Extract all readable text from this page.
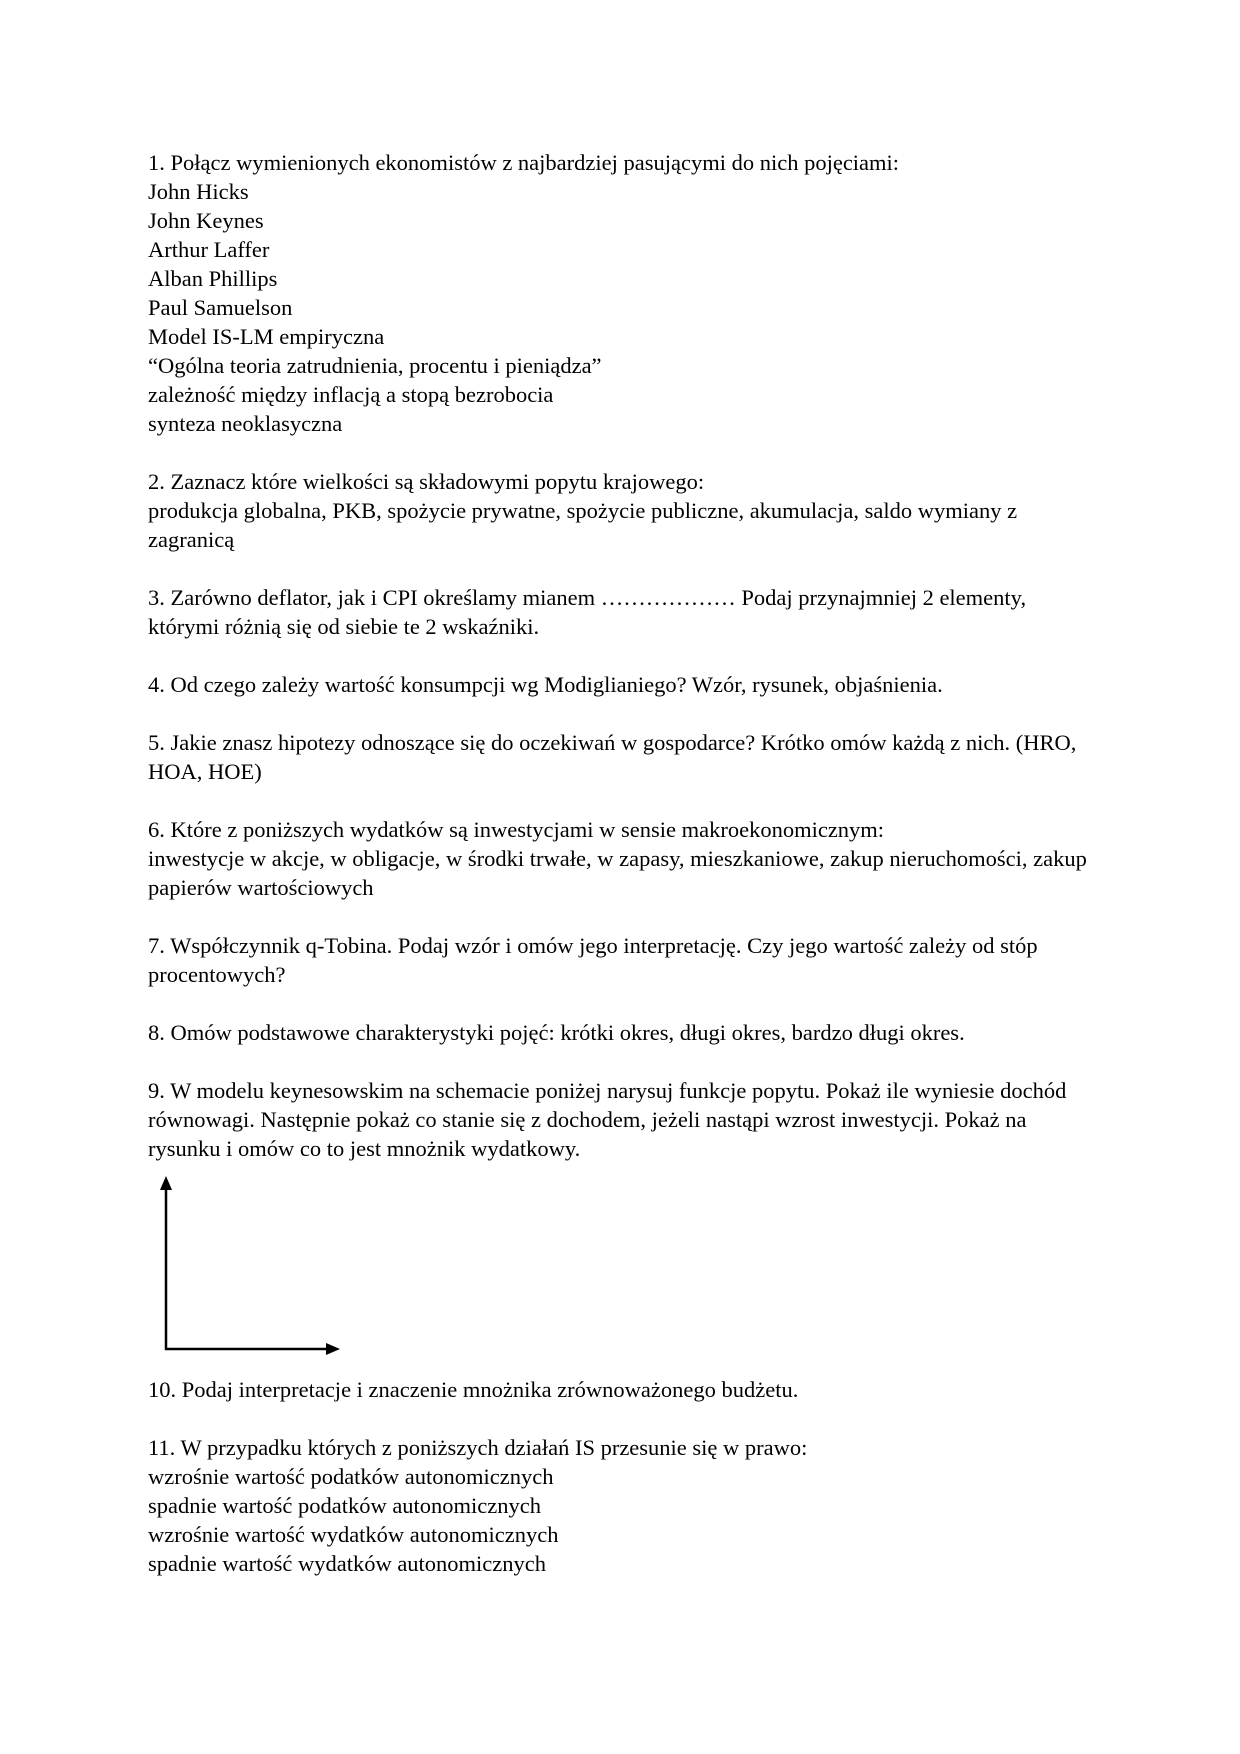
1. Połącz wymienionych ekonomistów z najbardziej pasującymi do nich pojęciami:
John Hicks
John Keynes
Arthur Laffer
Alban Phillips
Paul Samuelson
Model IS-LM empiryczna
“Ogólna teoria zatrudnienia, procentu i pieniądza”
zależność między inflacją a stopą bezrobocia
synteza neoklasyczna
2. Zaznacz które wielkości są składowymi popytu krajowego:
produkcja globalna, PKB, spożycie prywatne, spożycie publiczne, akumulacja, saldo wymiany z zagranicą
3. Zarówno deflator, jak i CPI określamy mianem ……………… Podaj przynajmniej 2 elementy, którymi różnią się od siebie te 2 wskaźniki.
4. Od czego zależy wartość konsumpcji wg Modiglianiego? Wzór, rysunek, objaśnienia.
5. Jakie znasz hipotezy odnoszące się do oczekiwań w gospodarce? Krótko omów każdą z nich. (HRO, HOA, HOE)
6. Które z poniższych wydatków są inwestycjami w sensie makroekonomicznym:
inwestycje w akcje, w obligacje, w środki trwałe, w zapasy, mieszkaniowe, zakup nieruchomości, zakup papierów wartościowych
7. Współczynnik q-Tobina. Podaj wzór i omów jego interpretację. Czy jego wartość zależy od stóp procentowych?
8. Omów podstawowe charakterystyki pojęć: krótki okres, długi okres, bardzo długi okres.
9. W modelu keynesowskim na schemacie poniżej narysuj funkcje popytu. Pokaż ile wyniesie dochód równowagi. Następnie pokaż co stanie się z dochodem, jeżeli nastąpi wzrost inwestycji. Pokaż na rysunku i omów co to jest mnożnik wydatkowy.
10. Podaj interpretacje i znaczenie mnożnika zrównoważonego budżetu.
11. W przypadku których z poniższych działań IS przesunie się w prawo:
wzrośnie wartość podatków autonomicznych
spadnie wartość podatków autonomicznych
wzrośnie wartość wydatków autonomicznych
spadnie wartość wydatków autonomicznych
